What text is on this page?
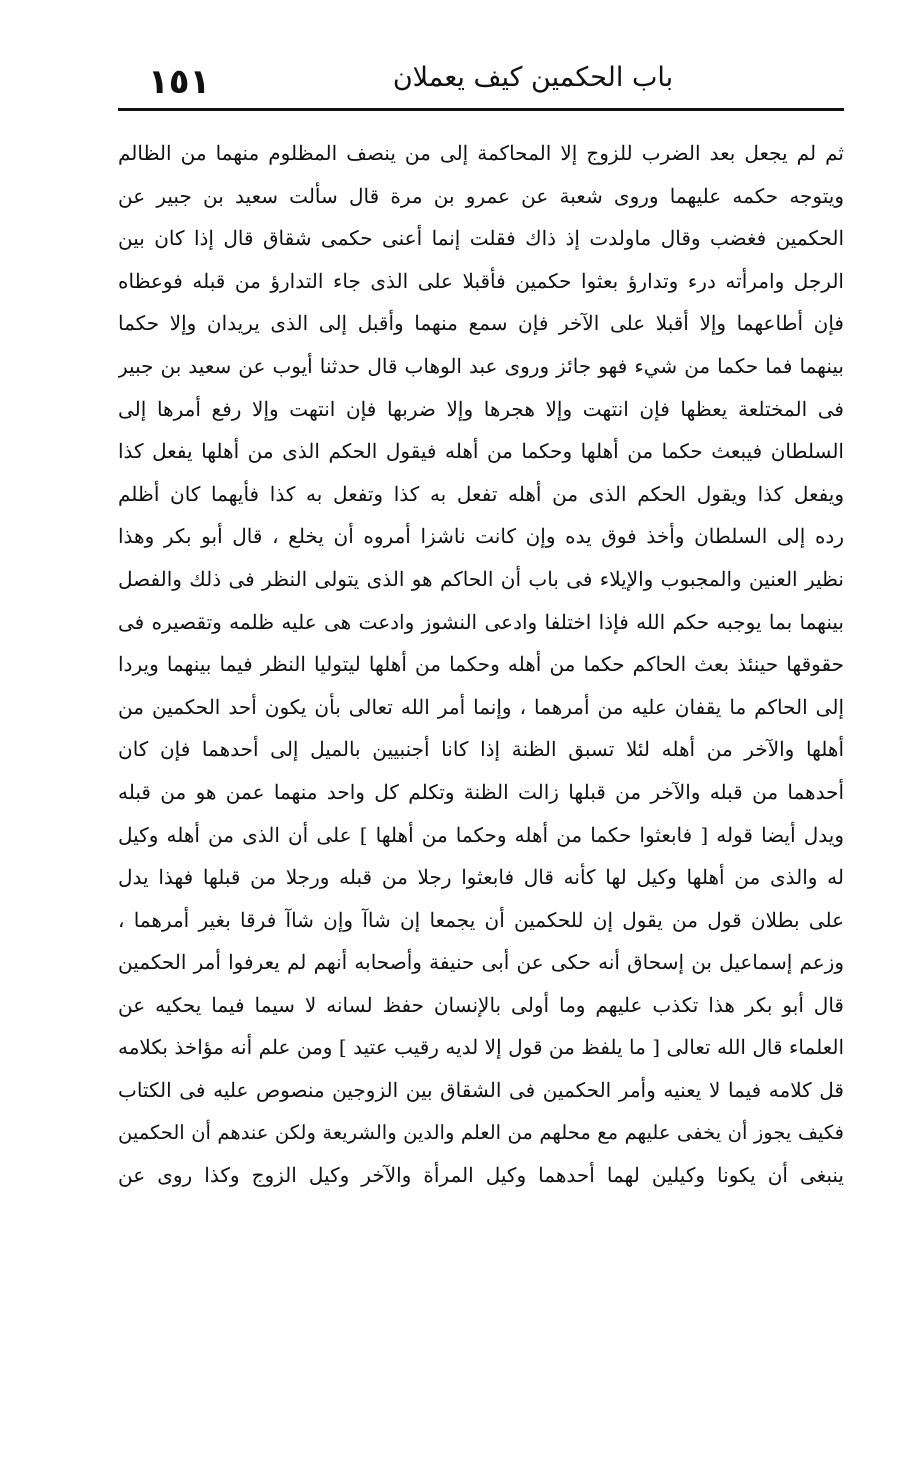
١٥١	باب الحكمين كيف يعملان
ثم لم يجعل بعد الضرب للزوج إلا المحاكمة إلى من ينصف المظلوم منهما من الظالم
ويتوجه حكمه عليهما وروى شعبة عن عمرو بن مرة قال سألت سعيد بن جبير عن
الحكمين فغضب وقال ماولدت إذ ذاك فقلت إنما أعنى حكمى شقاق قال إذا كان بين
الرجل وامرأته درء وتدارؤ بعثوا حكمين فأقبلا على الذى جاء التدارؤ من قبله فوعظاه
فإن أطاعهما وإلا أقبلا على الآخر فإن سمع منهما وأقبل إلى الذى يريدان وإلا حكما
بينهما فما حكما من شيء فهو جائز وروى عبد الوهاب قال حدثنا أيوب عن سعيد بن جبير
فى المختلعة يعظها فإن انتهت وإلا هجرها وإلا ضربها فإن انتهت وإلا رفع أمرها إلى
السلطان فيبعث حكما من أهلها وحكما من أهله فيقول الحكم الذى من أهلها يفعل كذا
ويفعل كذا ويقول الحكم الذى من أهله تفعل به كذا وتفعل به كذا فأيهما كان أظلم
رده إلى السلطان وأخذ فوق يده وإن كانت ناشزا أمروه أن يخلع ، قال أبو بكر وهذا
نظير العنين والمجبوب والإيلاء فى باب أن الحاكم هو الذى يتولى النظر فى ذلك والفصل
بينهما بما يوجبه حكم الله فإذا اختلفا وادعى النشوز وادعت هى عليه ظلمه وتقصيره فى
حقوقها حينئذ بعث الحاكم حكما من أهله وحكما من أهلها ليتوليا النظر فيما بينهما ويردا
إلى الحاكم ما يقفان عليه من أمرهما ، وإنما أمر الله تعالى بأن يكون أحد الحكمين من
أهلها والآخر من أهله لئلا تسبق الظنة إذا كانا أجنبيين بالميل إلى أحدهما فإن كان
أحدهما من قبله والآخر من قبلها زالت الظنة وتكلم كل واحد منهما عمن هو من قبله
ويدل أيضا قوله [ فابعثوا حكما من أهله وحكما من أهلها ] على أن الذى من أهله وكيل
له والذى من أهلها وكيل لها كأنه قال فابعثوا رجلا من قبله ورجلا من قبلها فهذا يدل
على بطلان قول من يقول إن للحكمين أن يجمعا إن شاآ وإن شاآ فرقا بغير أمرهما ،
وزعم إسماعيل بن إسحاق أنه حكى عن أبى حنيفة وأصحابه أنهم لم يعرفوا أمر الحكمين
قال أبو بكر هذا تكذب عليهم وما أولى بالإنسان حفظ لسانه لا سيما فيما يحكيه عن
العلماء قال الله تعالى [ ما يلفظ من قول إلا لديه رقيب عتيد ] ومن علم أنه مؤاخذ بكلامه
قل كلامه فيما لا يعنيه وأمر الحكمين فى الشقاق بين الزوجين منصوص عليه فى الكتاب
فكيف يجوز أن يخفى عليهم مع محلهم من العلم والدين والشريعة ولكن عندهم أن الحكمين
ينبغى أن يكونا وكيلين لهما أحدهما وكيل المرأة والآخر وكيل الزوج وكذا روى عن
